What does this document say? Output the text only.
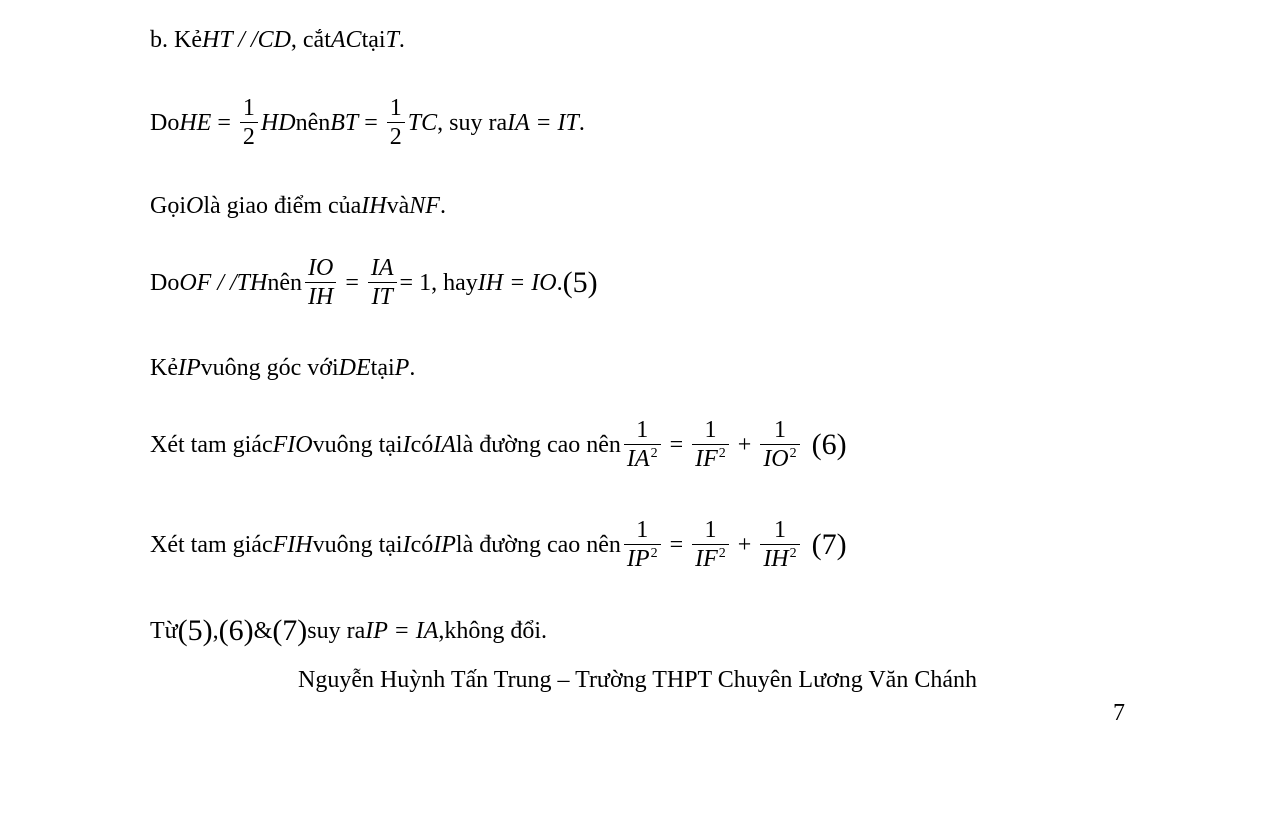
b. Kẻ HT / /CD , cắt AC tại T .
Do HE = $\frac{1}{2}$ HD nên BT = $\frac{1}{2}$ TC , suy ra IA = IT .
Gọi O là giao điểm của IH và NF .
Do OF / /TH nên $\frac{IO}{IH} = \frac{IA}{IT} = 1$ , hay IH = IO . (5)
Kẻ IP vuông góc với DE tại P .
Xét tam giác FIO vuông tại I có IA là đường cao nên $\frac{1}{IA^2} = \frac{1}{IF^2} + \frac{1}{IO^2} (6)$
Xét tam giác FIH vuông tại I có IP là đường cao nên $\frac{1}{IP^2} = \frac{1}{IF^2} + \frac{1}{IH^2} (7)$
Từ (5) , (6) & (7) suy ra IP = IA ,không đổi.
Nguyễn Huỳnh Tấn Trung – Trường THPT Chuyên Lương Văn Chánh
7
